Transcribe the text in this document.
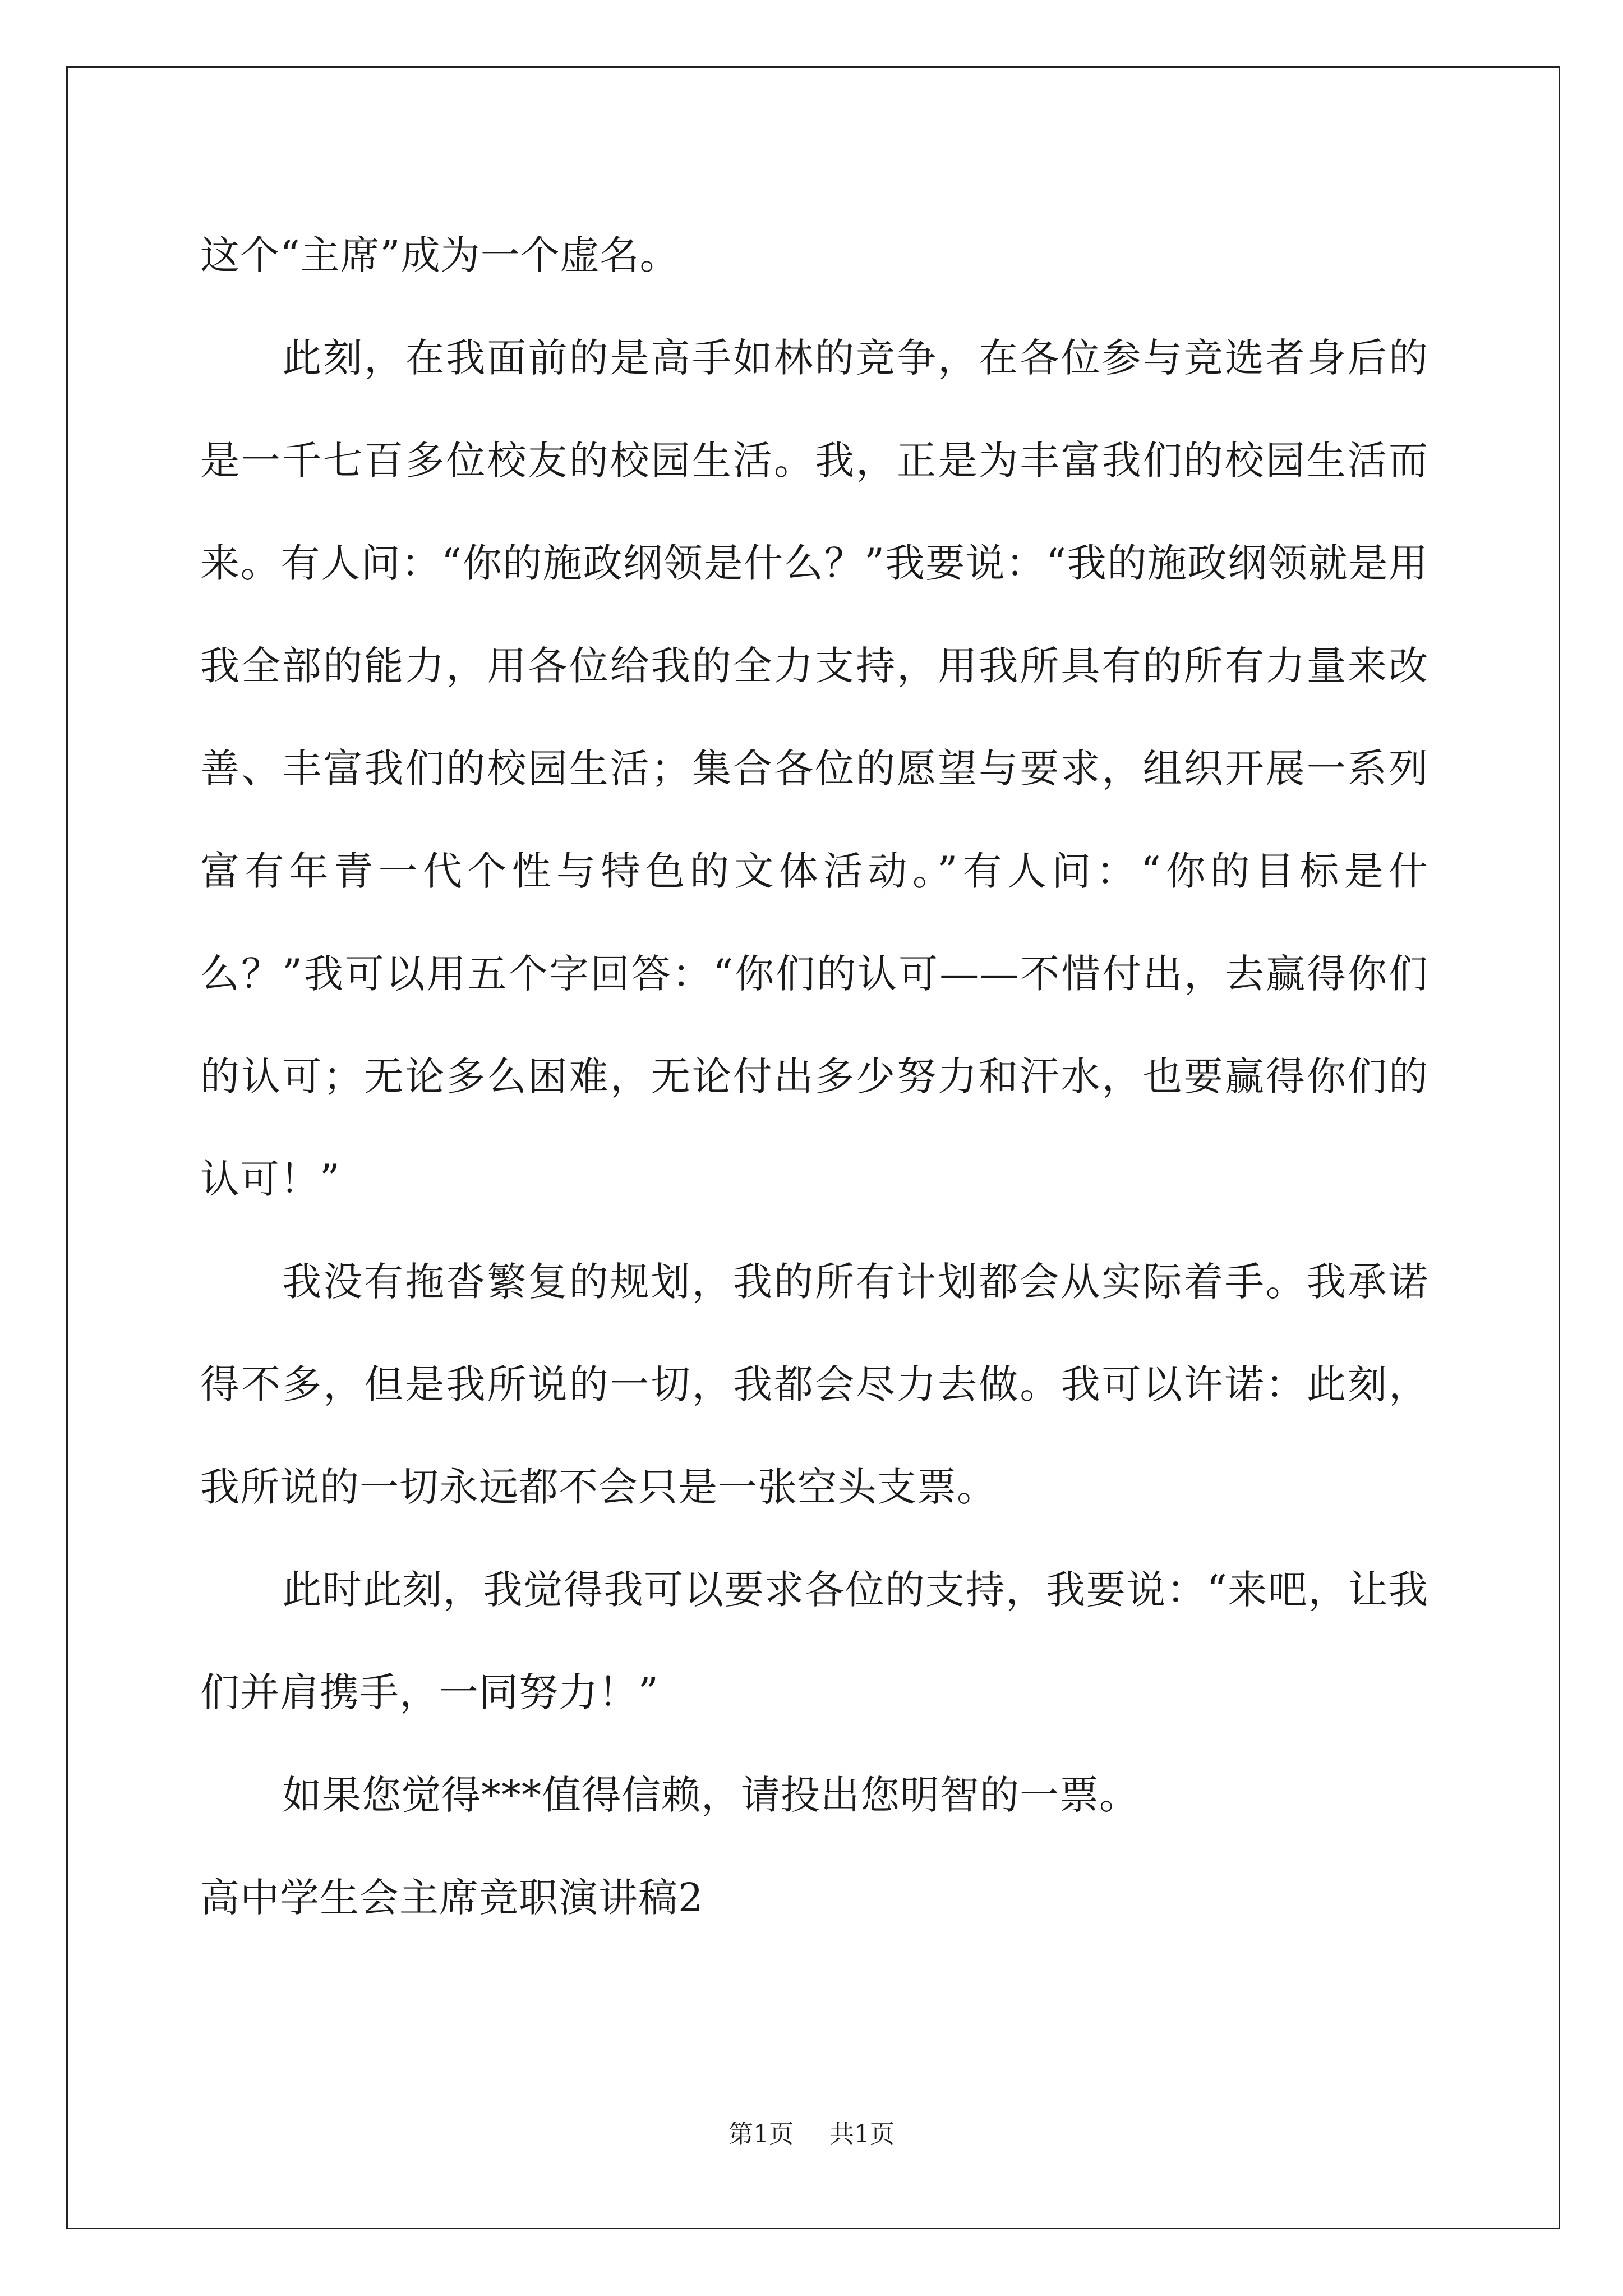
这个“主席”成为一个虚名。

此刻，在我面前的是高手如林的竞争，在各位参与竞选者身后的是一千七百多位校友的校园生活。我，正是为丰富我们的校园生活而来。有人问：“你的施政纲领是什么？”我要说：“我的施政纲领就是用我全部的能力，用各位给我的全力支持，用我所具有的所有力量来改善、丰富我们的校园生活；集合各位的愿望与要求，组织开展一系列富有年青一代个性与特色的文体活动。”有人问：“你的目标是什么？”我可以用五个字回答：“你们的认可——不惜付出，去赢得你们的认可；无论多么困难，无论付出多少努力和汗水，也要赢得你们的认可！”

我没有拖沓繁复的规划，我的所有计划都会从实际着手。我承诺得不多，但是我所说的一切，我都会尽力去做。我可以许诺：此刻，我所说的一切永远都不会只是一张空头支票。

此时此刻，我觉得我可以要求各位的支持，我要说：“来吧，让我们并肩携手，一同努力！”

如果您觉得***值得信赖，请投出您明智的一票。

高中学生会主席竞职演讲稿2

第1页 共1页
